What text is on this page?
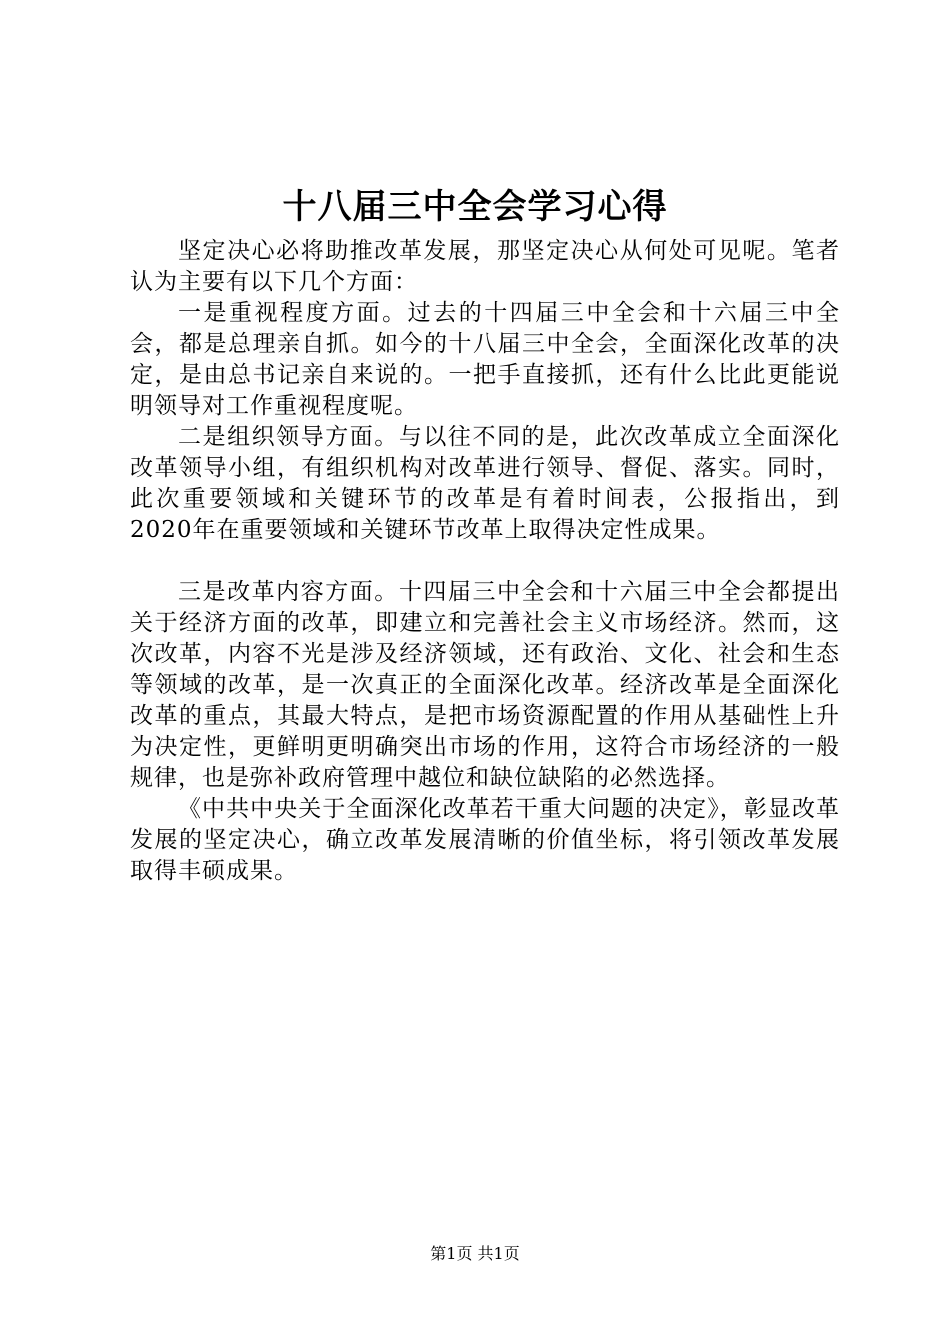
十八届三中全会学习心得

坚定决心必将助推改革发展，那坚定决心从何处可见呢。笔者认为主要有以下几个方面：

一是重视程度方面。过去的十四届三中全会和十六届三中全会，都是总理亲自抓。如今的十八届三中全会，全面深化改革的决定，是由总书记亲自来说的。一把手直接抓，还有什么比此更能说明领导对工作重视程度呢。

二是组织领导方面。与以往不同的是，此次改革成立全面深化改革领导小组，有组织机构对改革进行领导、督促、落实。同时，此次重要领域和关键环节的改革是有着时间表，公报指出，到2020年在重要领域和关键环节改革上取得决定性成果。

三是改革内容方面。十四届三中全会和十六届三中全会都提出关于经济方面的改革，即建立和完善社会主义市场经济。然而，这次改革，内容不光是涉及经济领域，还有政治、文化、社会和生态等领域的改革，是一次真正的全面深化改革。经济改革是全面深化改革的重点，其最大特点，是把市场资源配置的作用从基础性上升为决定性，更鲜明更明确突出市场的作用，这符合市场经济的一般规律，也是弥补政府管理中越位和缺位缺陷的必然选择。

《中共中央关于全面深化改革若干重大问题的决定》，彰显改革发展的坚定决心，确立改革发展清晰的价值坐标，将引领改革发展取得丰硕成果。

第1页 共1页
